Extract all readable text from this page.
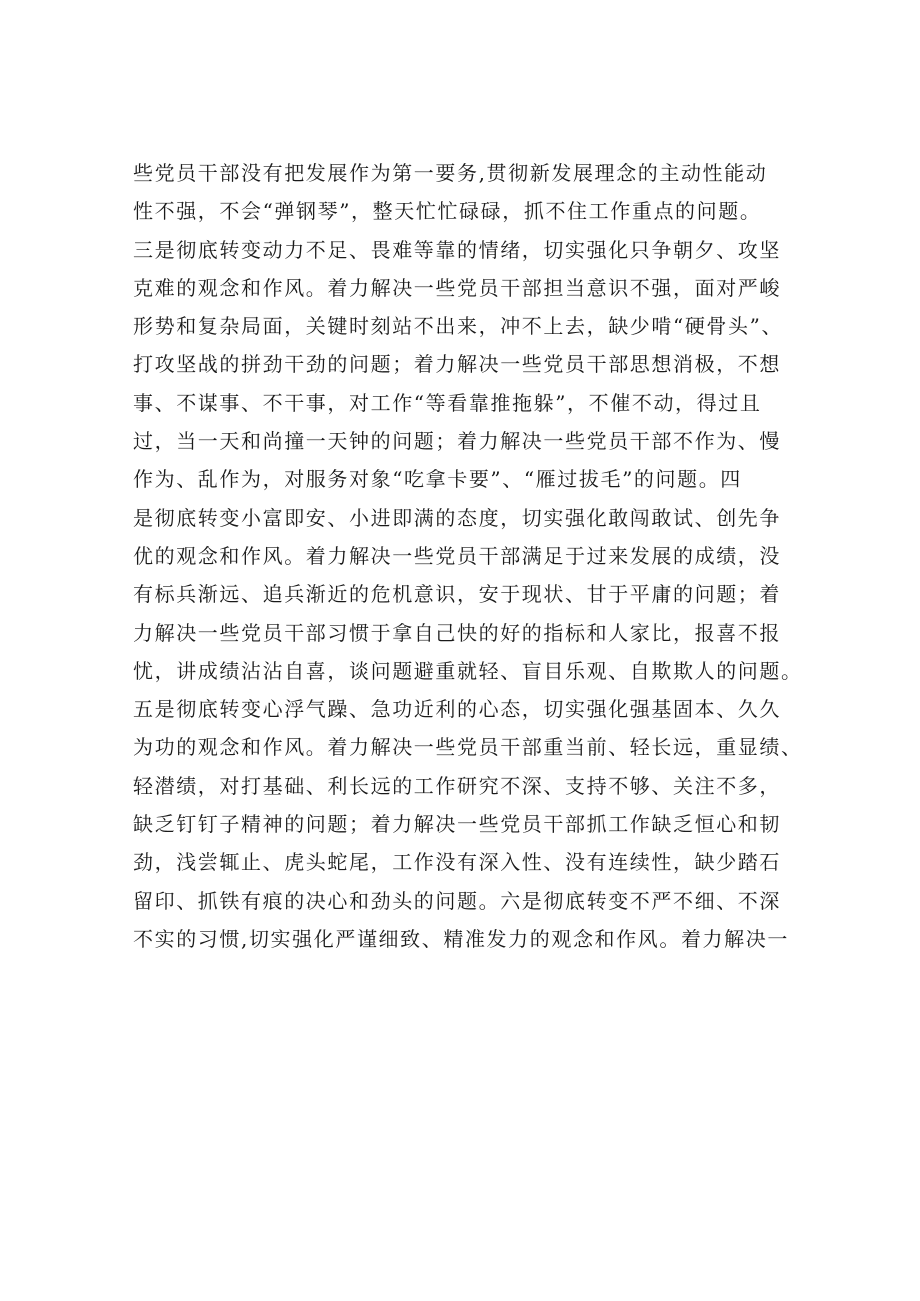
些党员干部没有把发展作为第一要务,贯彻新发展理念的主动性能动
性不强，不会“弹钢琴”，整天忙忙碌碌，抓不住工作重点的问题。
三是彻底转变动力不足、畏难等靠的情绪，切实强化只争朝夕、攻坚
克难的观念和作风。着力解决一些党员干部担当意识不强，面对严峻
形势和复杂局面，关键时刻站不出来，冲不上去，缺少啃“硬骨头”、
打攻坚战的拼劲干劲的问题；着力解决一些党员干部思想消极，不想
事、不谋事、不干事，对工作“等看靠推拖躲”，不催不动，得过且
过，当一天和尚撞一天钟的问题；着力解决一些党员干部不作为、慢
作为、乱作为，对服务对象“吃拿卡要”、“雁过拔毛”的问题。四
是彻底转变小富即安、小进即满的态度，切实强化敢闯敢试、创先争
优的观念和作风。着力解决一些党员干部满足于过来发展的成绩，没
有标兵渐远、追兵渐近的危机意识，安于现状、甘于平庸的问题；着
力解决一些党员干部习惯于拿自己快的好的指标和人家比，报喜不报
忧，讲成绩沾沾自喜，谈问题避重就轻、盲目乐观、自欺欺人的问题。
五是彻底转变心浮气躁、急功近利的心态，切实强化强基固本、久久
为功的观念和作风。着力解决一些党员干部重当前、轻长远，重显绩、
轻潜绩，对打基础、利长远的工作研究不深、支持不够、关注不多，
缺乏钉钉子精神的问题；着力解决一些党员干部抓工作缺乏恒心和韧
劲，浅尝辄止、虎头蛇尾，工作没有深入性、没有连续性，缺少踏石
留印、抓铁有痕的决心和劲头的问题。六是彻底转变不严不细、不深
不实的习惯,切实强化严谨细致、精准发力的观念和作风。着力解决一
